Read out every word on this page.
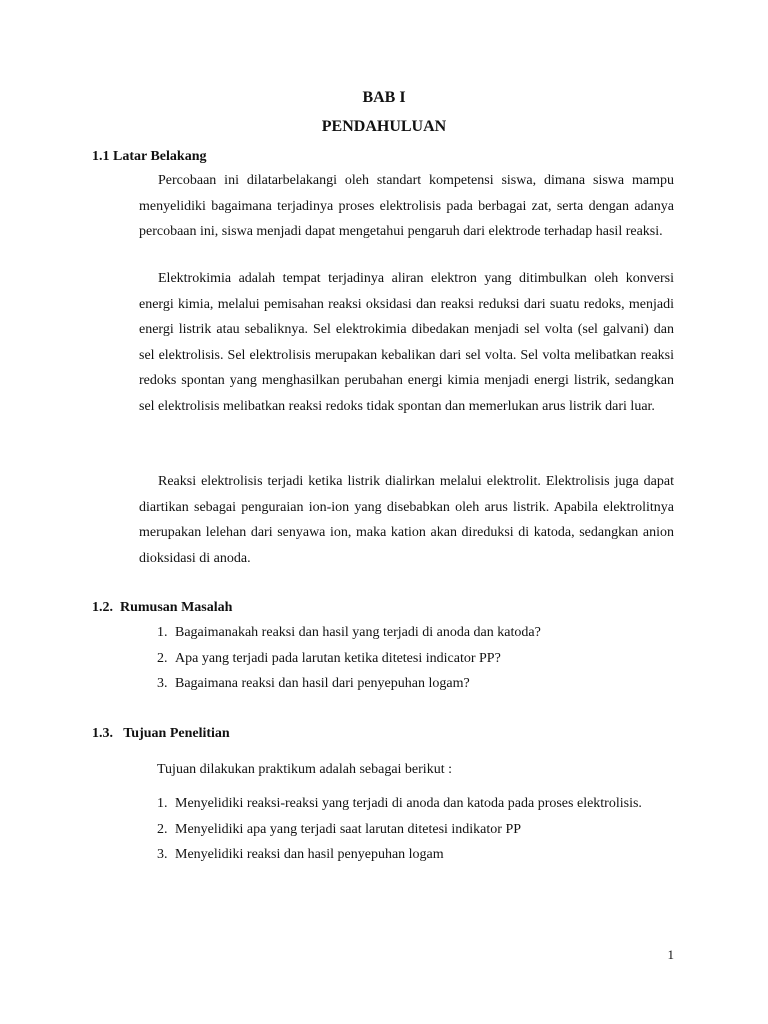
BAB I
PENDAHULUAN
1.1 Latar Belakang

Percobaan ini dilatarbelakangi oleh standart kompetensi siswa, dimana siswa mampu menyelidiki bagaimana terjadinya proses elektrolisis pada berbagai zat, serta dengan adanya percobaan ini, siswa menjadi dapat mengetahui pengaruh dari elektrode terhadap hasil reaksi.

Elektrokimia adalah tempat terjadinya aliran elektron yang ditimbulkan oleh konversi energi kimia, melalui pemisahan reaksi oksidasi dan reaksi reduksi dari suatu redoks, menjadi energi listrik atau sebaliknya. Sel elektrokimia dibedakan menjadi sel volta (sel galvani) dan sel elektrolisis. Sel elektrolisis merupakan kebalikan dari sel volta. Sel volta melibatkan reaksi redoks spontan yang menghasilkan perubahan energi kimia menjadi energi listrik, sedangkan sel elektrolisis melibatkan reaksi redoks tidak spontan dan memerlukan arus listrik dari luar.

Reaksi elektrolisis terjadi ketika listrik dialirkan melalui elektrolit. Elektrolisis juga dapat diartikan sebagai penguraian ion-ion yang disebabkan oleh arus listrik. Apabila elektrolitnya merupakan lelehan dari senyawa ion, maka kation akan direduksi di katoda, sedangkan anion dioksidasi di anoda.

1.2.  Rumusan Masalah
1. Bagaimanakah reaksi dan hasil yang terjadi di anoda dan katoda?
2. Apa yang terjadi pada larutan ketika ditetesi indicator PP?
3. Bagaimana reaksi dan hasil dari penyepuhan logam?
1.3.   Tujuan Penelitian
Tujuan dilakukan praktikum adalah sebagai berikut :
1. Menyelidiki reaksi-reaksi yang terjadi di anoda dan katoda pada proses elektrolisis.
2. Menyelidiki apa yang terjadi saat larutan ditetesi indikator PP
3. Menyelidiki reaksi dan hasil penyepuhan logam
1
